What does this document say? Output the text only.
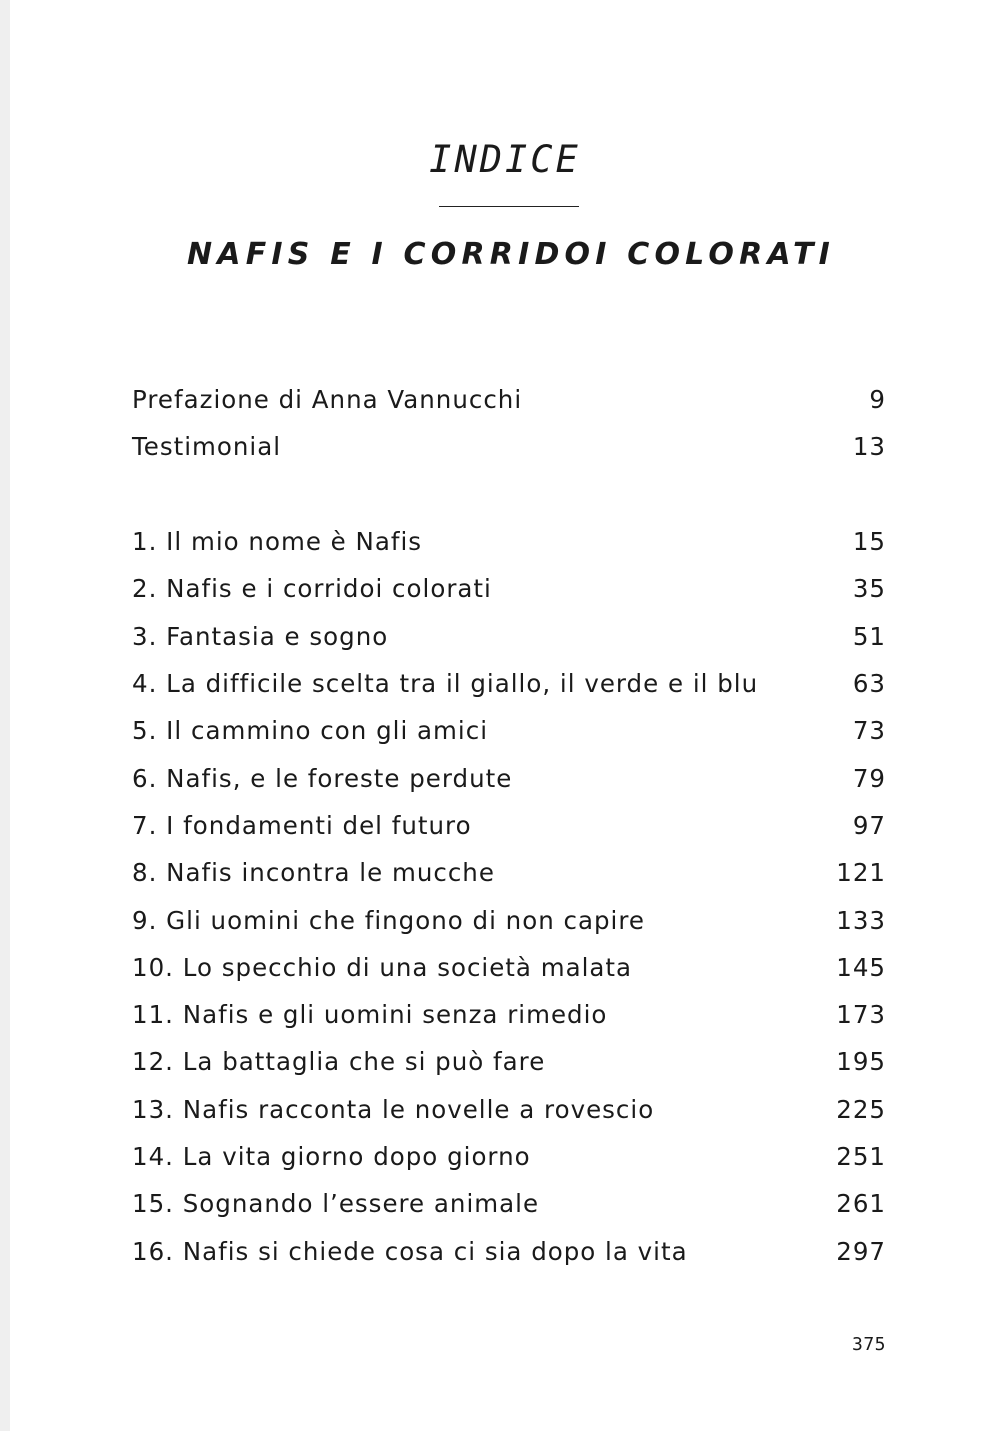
INDICE
NAFIS E I CORRIDOI COLORATI
Prefazione di Anna Vannucchi	9
Testimonial	13
1. Il mio nome è Nafis	15
2. Nafis e i corridoi colorati	35
3. Fantasia e sogno	51
4. La difficile scelta tra il giallo, il verde e il blu	63
5. Il cammino con gli amici	73
6. Nafis, e le foreste perdute	79
7. I fondamenti del futuro	97
8. Nafis incontra le mucche	121
9. Gli uomini che fingono di non capire	133
10. Lo specchio di una società malata	145
11. Nafis e gli uomini senza rimedio	173
12. La battaglia che si può fare	195
13. Nafis racconta le novelle a rovescio	225
14. La vita giorno dopo giorno	251
15. Sognando l’essere animale	261
16. Nafis si chiede cosa ci sia dopo la vita	297
375
